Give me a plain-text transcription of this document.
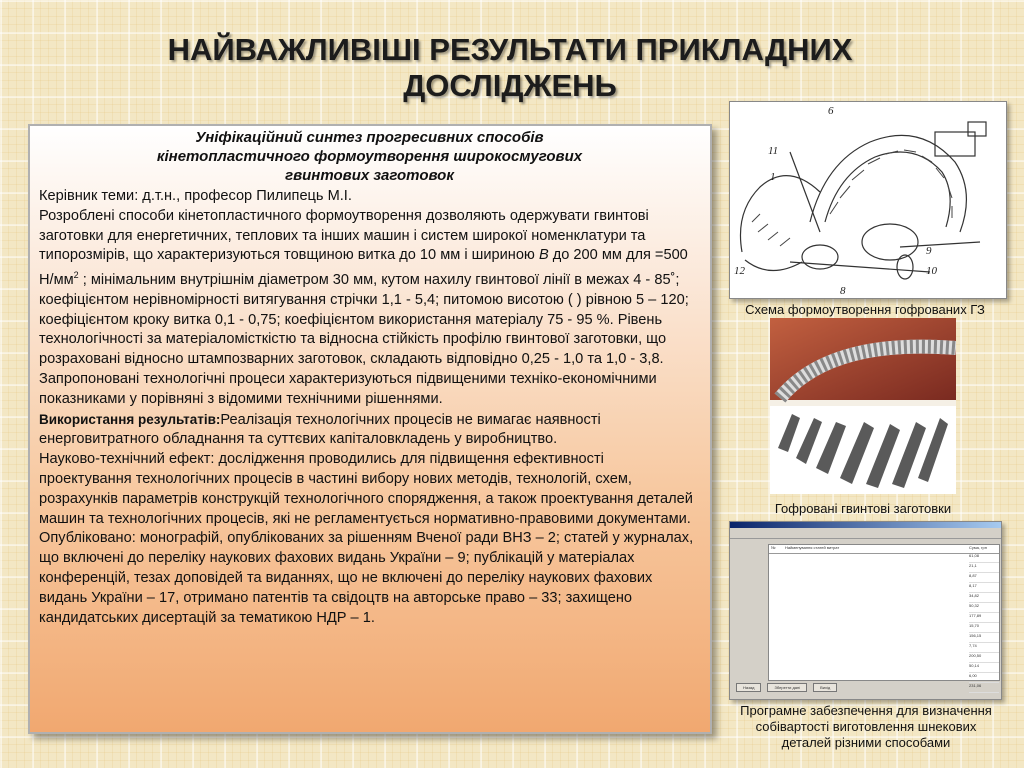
НАЙВАЖЛИВІШІ РЕЗУЛЬТАТИ ПРИКЛАДНИХ
ДОСЛІДЖЕНЬ
Уніфікаційний синтез прогресивних способів
кінетопластичного формоутворення широкосмугових
гвинтових заготовок

Керівник теми: д.т.н., професор Пилипець М.І.

Розроблені способи кінетопластичного формоутворення дозволяють одержувати гвинтові заготовки для енергетичних, теплових та інших машин і систем широкої номенклатури та типорозмірів, що характеризуються товщиною витка до 10 мм і шириною B до 200 мм для =500 $Н/мм^2$ ; мінімальним внутрішнім діаметром 30 мм, кутом нахилу гвинтової лінії в межах 4 - 85˚; коефіцієнтом нерівномірності витягування стрічки 1,1 - 5,4; питомою висотою ( ) рівною 5 – 120; коефіцієнтом кроку витка 0,1 - 0,75; коефіцієнтом використання матеріалу 75 - 95 %. Рівень технологічності за матеріаломісткістю та відносна стійкість профілю гвинтової заготовки, що розраховані відносно штампозварних заготовок, складають відповідно 0,25 - 1,0 та 1,0 - 3,8. Запропоновані технологічні процеси характеризуються підвищеними техніко-економічними показниками у порівняні з відомими технічними рішеннями.

Використання результатів:Реалізація технологічних процесів не вимагає наявності енерговитратного обладнання та суттєвих капіталовкладень у виробництво.

Науково-технічний ефект: дослідження проводились для підвищення ефективності проектування технологічних процесів в частині вибору нових методів, технологій, схем, розрахунків параметрів конструкцій технологічного спорядження, а також проектування деталей машин та технологічних процесів, які не регламентується нормативно-правовими документами.

Опубліковано: монографій, опублікованих за рішенням Вченої ради ВНЗ – 2; статей у журналах, що включені до переліку наукових фахових видань України – 9; публікацій у матеріалах конференцій, тезах доповідей та виданнях, що не включені до переліку наукових фахових видань України – 17, отримано патентів та свідоцтв на авторське право – 33; захищено кандидатських дисертацій за тематикою НДР – 1.

6
11
1
9
12	10
8
Схема формоутворення гофрованих ГЗ
Гофровані гвинтові заготовки
№	Найменування статей витрат	Сума, грн
61,08
21,1
8,87
8,17
34,82
50,32
177,89
15,70
156,15
7,74
200,50
50,14
6,00
231,06
Назад	Зберегти дані	Вихід
Програмне забезпечення для визначення
собівартості виготовлення шнекових
деталей різними способами
